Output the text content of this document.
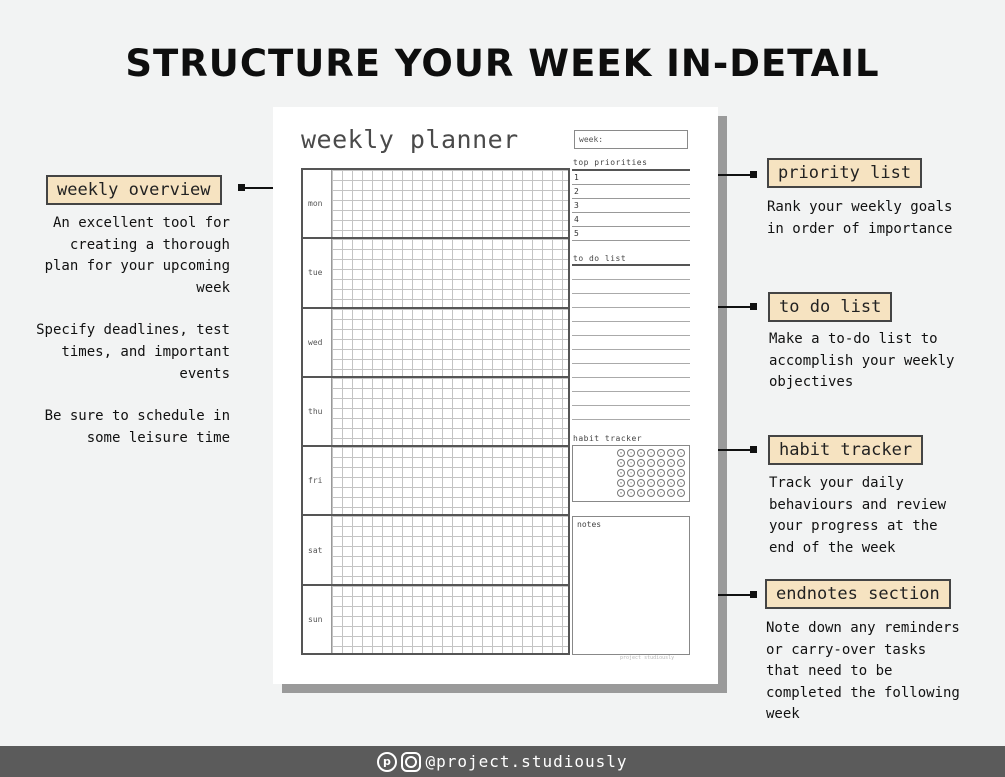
STRUCTURE YOUR WEEK IN-DETAIL
weekly planner	week:
mon
tue
wed
thu
fri
sat
sun
top priorities
1
2
3
4
5
to do list
habit tracker
M	T	W	T	F	S	S
M	T	W	T	F	S	S
M	T	W	T	F	S	S
M	T	W	T	F	S	S
M	T	W	T	F	S	S
notes
project studiously
weekly overview

An excellent tool for creating a thorough plan for your upcoming week

Specify deadlines, test times, and important events

Be sure to schedule in some leisure time

priority list
Rank your weekly goals in order of importance
to do list
Make a to-do list to accomplish your weekly objectives
habit tracker
Track your daily behaviours and review your progress at the end of the week
endnotes section
Note down any reminders or carry-over tasks that need to be completed the following week
p	@project.studiously
